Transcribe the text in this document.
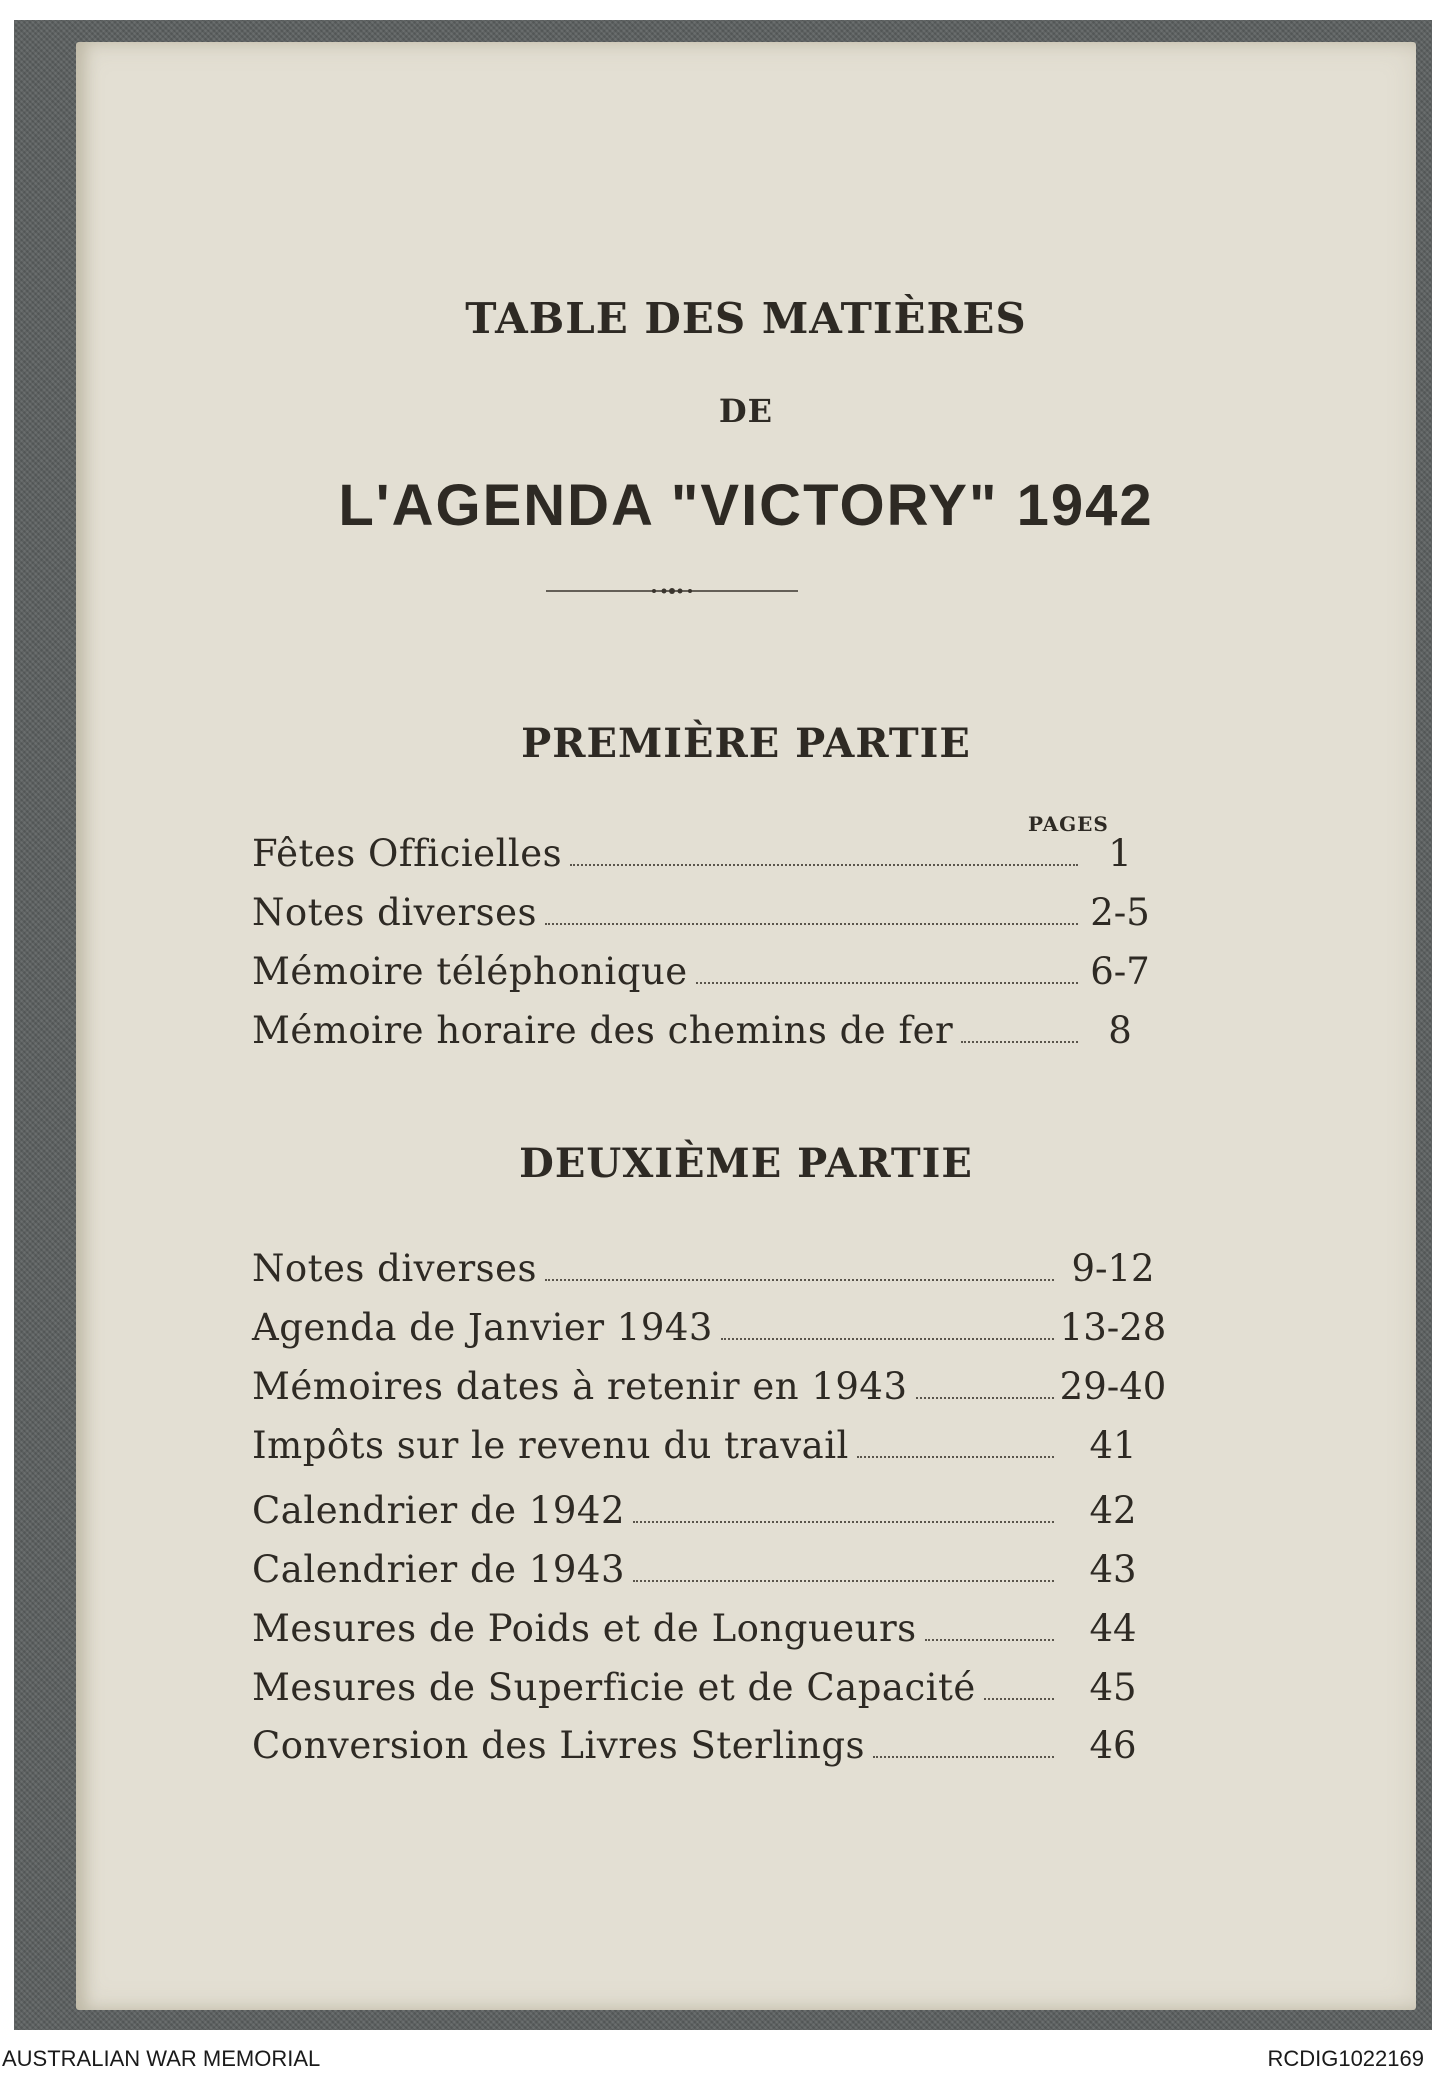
TABLE DES MATIÈRES
DE
L'AGENDA "VICTORY" 1942
PREMIÈRE PARTIE
PAGES
Fêtes Officielles	1
Notes diverses	2-5
Mémoire téléphonique	6-7
Mémoire horaire des chemins de fer	8
DEUXIÈME PARTIE
Notes diverses	9-12
Agenda de Janvier 1943	13-28
Mémoires dates à retenir en 1943	29-40
Impôts sur le revenu du travail	41
Calendrier de 1942	42
Calendrier de 1943	43
Mesures de Poids et de Longueurs	44
Mesures de Superficie et de Capacité	45
Conversion des Livres Sterlings	46
AUSTRALIAN WAR MEMORIAL	RCDIG1022169
